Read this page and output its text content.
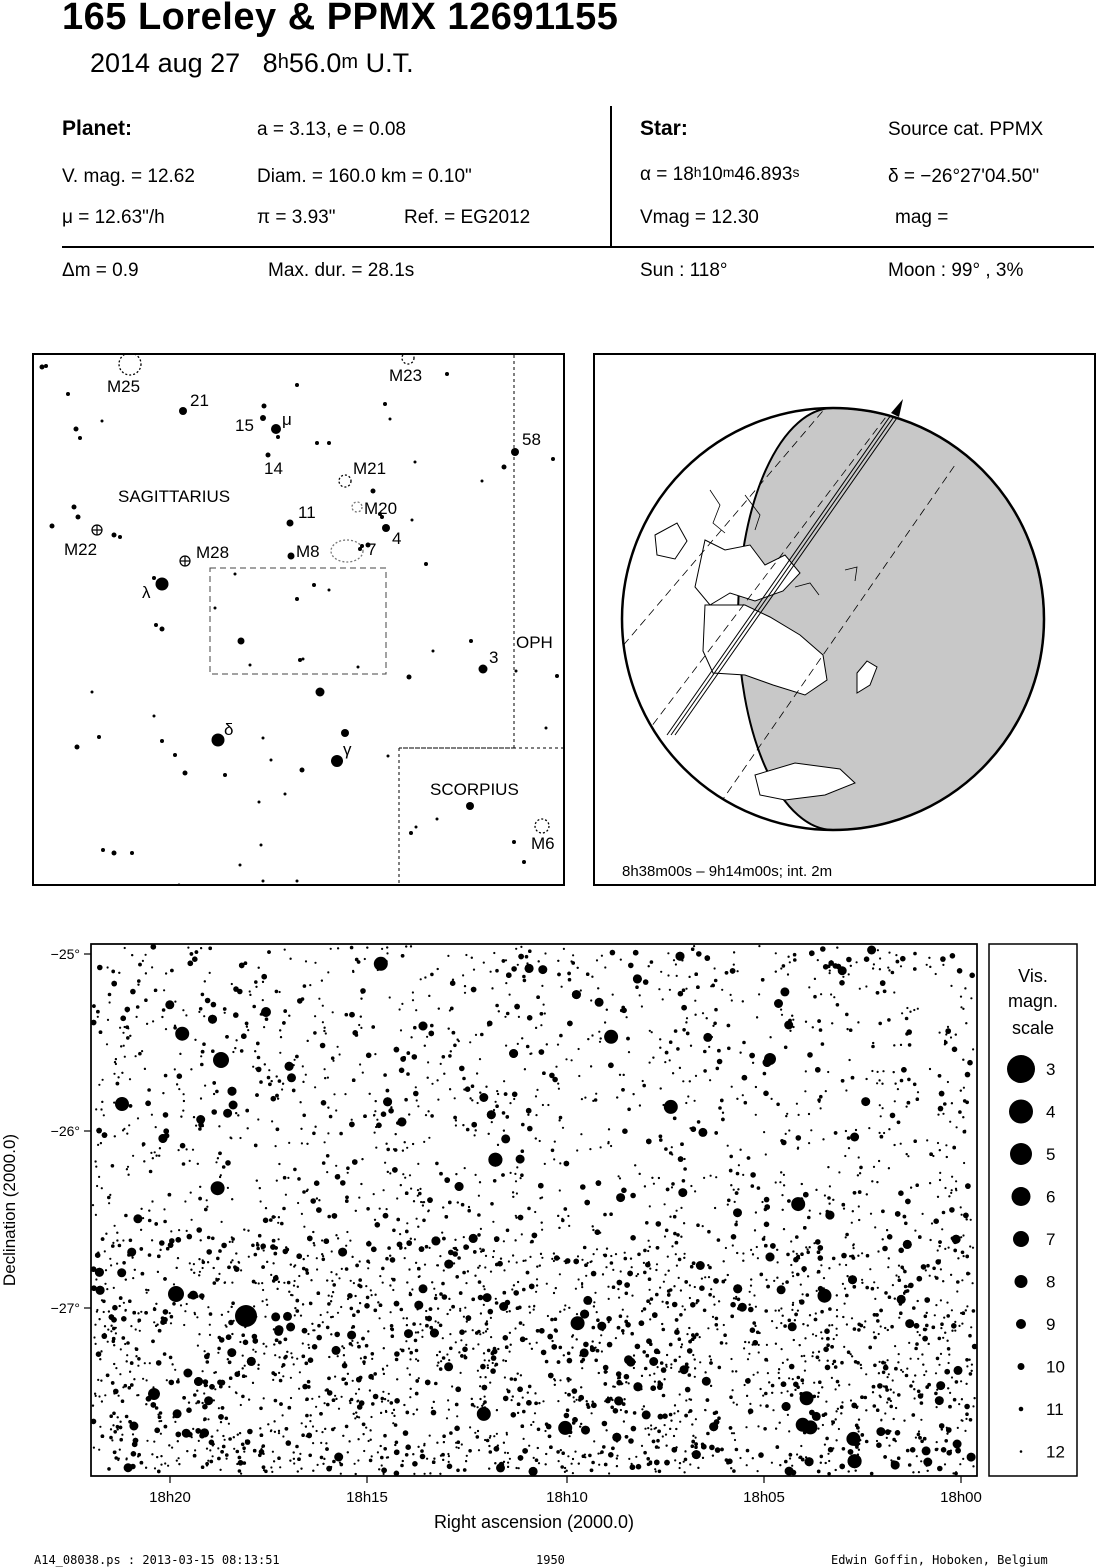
165 Loreley & PPMX 12691155
2014 aug 27 8$^h$56.0$^m$ U.T.
Planet:	a = 3.13, e = 0.08
V. mag. = 12.62	Diam. = 160.0 km = 0.10"
μ = 12.63"/h	π = 3.93"	Ref. = EG2012
Star:	Source cat. PPMX
$\alpha = 18^h10^m46.893^s$	δ = −26°27'04.50"
Vmag = 12.30	mag =
Δm = 0.9	Max. dur. = 28.1s	Sun : 118°	Moon : 99° , 3%
M25
M23
21
15 μ
58
14	M21
SAGITTARIUS
M20
11
4
M22	M28	M8	7
λ
3
OPH
δ
γ
SCORPIUS
M6
8h38m00s – 9h14m00s; int. 2m
−25°
−26°
−27°
18h20	18h15	18h10	18h05	18h00
Right ascension (2000.0)
Declination (2000.0)
Vis.
magn.
scale
3
4
5
6
7
8
9
10
11
12
A14_08038.ps : 2013-03-15 08:13:51	1950	Edwin Goffin, Hoboken, Belgium
